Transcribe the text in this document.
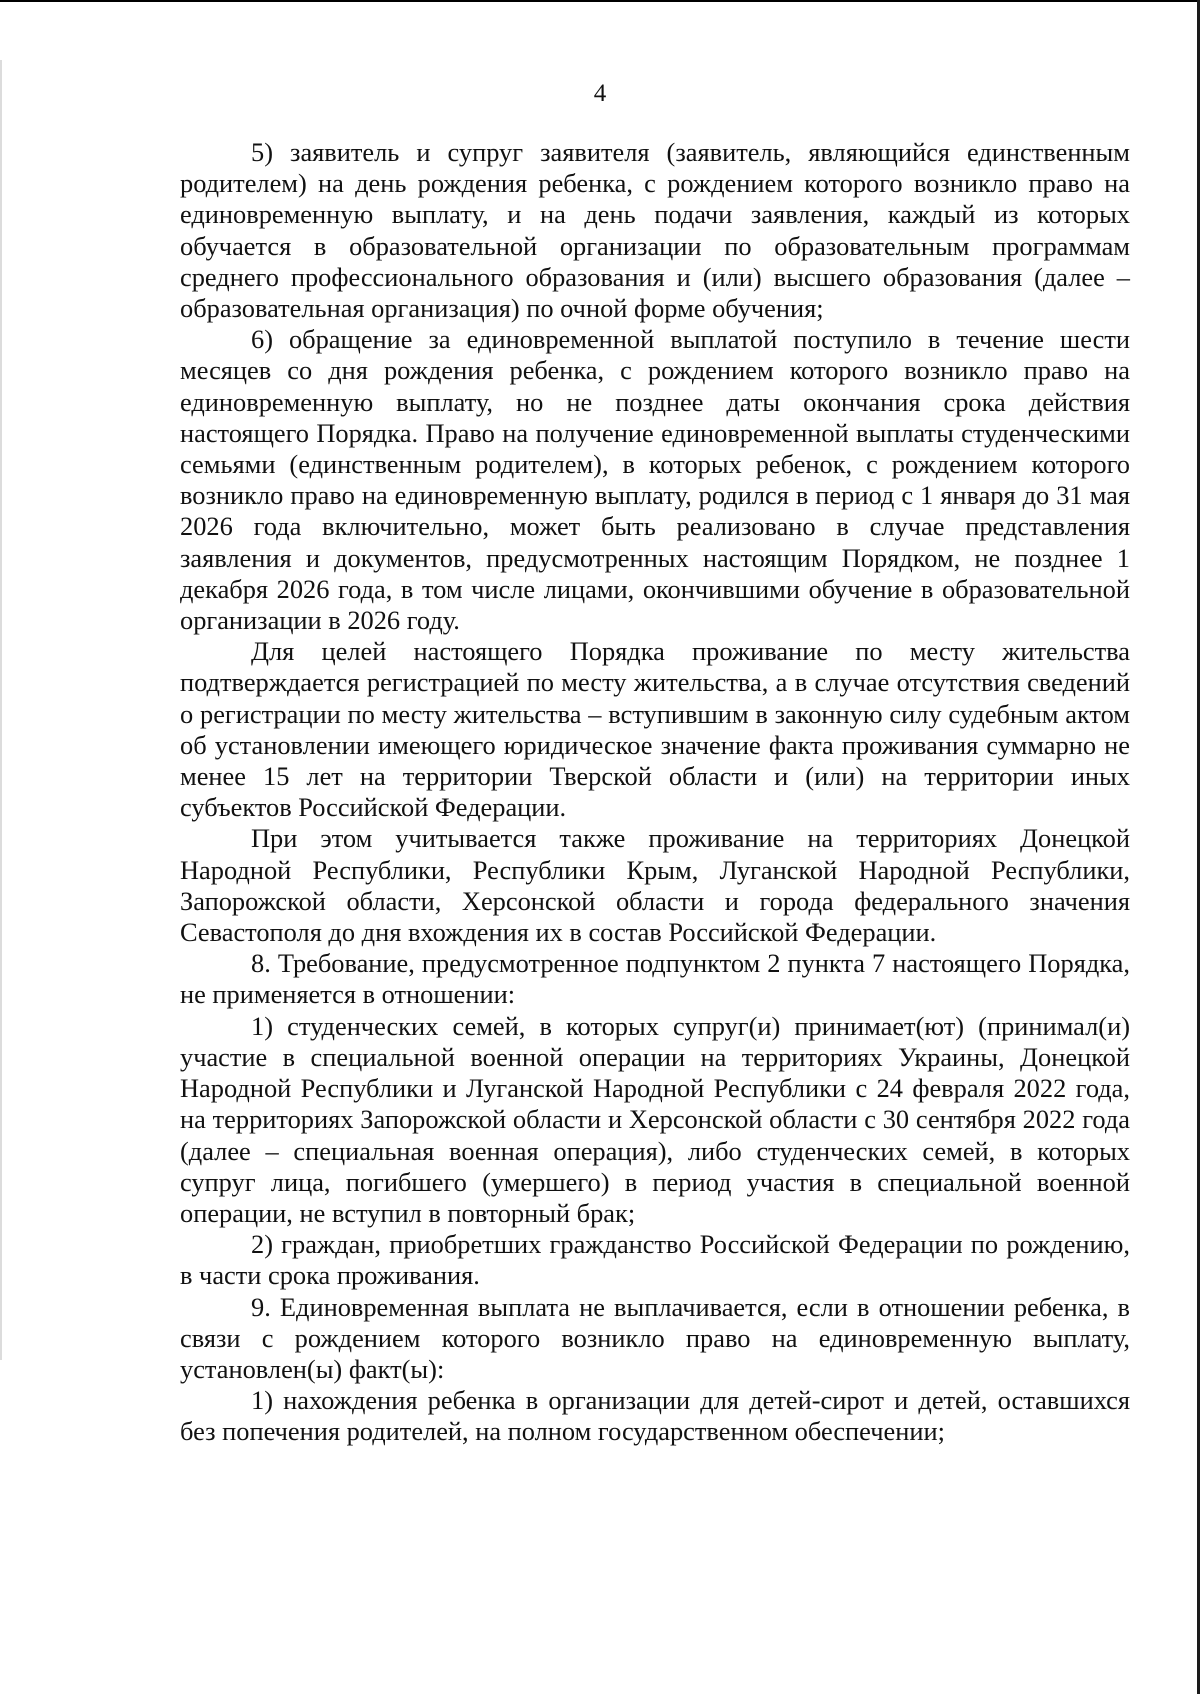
4

5) заявитель и супруг заявителя (заявитель, являющийся единственным родителем) на день рождения ребенка, с рождением которого возникло право на единовременную выплату, и на день подачи заявления, каждый из которых обучается в образовательной организации по образовательным программам среднего профессионального образования и (или) высшего образования (далее – образовательная организация) по очной форме обучения;

6) обращение за единовременной выплатой поступило в течение шести месяцев со дня рождения ребенка, с рождением которого возникло право на единовременную выплату, но не позднее даты окончания срока действия настоящего Порядка. Право на получение единовременной выплаты студенческими семьями (единственным родителем), в которых ребенок, с рождением которого возникло право на единовременную выплату, родился в период с 1 января до 31 мая 2026 года включительно, может быть реализовано в случае представления заявления и документов, предусмотренных настоящим Порядком, не позднее 1 декабря 2026 года, в том числе лицами, окончившими обучение в образовательной организации в 2026 году.

Для целей настоящего Порядка проживание по месту жительства подтверждается регистрацией по месту жительства, а в случае отсутствия сведений о регистрации по месту жительства – вступившим в законную силу судебным актом об установлении имеющего юридическое значение факта проживания суммарно не менее 15 лет на территории Тверской области и (или) на территории иных субъектов Российской Федерации.

При этом учитывается также проживание на территориях Донецкой Народной Республики, Республики Крым, Луганской Народной Республики, Запорожской области, Херсонской области и города федерального значения Севастополя до дня вхождения их в состав Российской Федерации.

8. Требование, предусмотренное подпунктом 2 пункта 7 настоящего Порядка, не применяется в отношении:

1) студенческих семей, в которых супруг(и) принимает(ют) (принимал(и) участие в специальной военной операции на территориях Украины, Донецкой Народной Республики и Луганской Народной Республики с 24 февраля 2022 года, на территориях Запорожской области и Херсонской области с 30 сентября 2022 года (далее – специальная военная операция), либо студенческих семей, в которых супруг лица, погибшего (умершего) в период участия в специальной военной операции, не вступил в повторный брак;

2) граждан, приобретших гражданство Российской Федерации по рождению, в части срока проживания.

9. Единовременная выплата не выплачивается, если в отношении ребенка, в связи с рождением которого возникло право на единовременную выплату, установлен(ы) факт(ы):

1) нахождения ребенка в организации для детей-сирот и детей, оставшихся без попечения родителей, на полном государственном обеспечении;
